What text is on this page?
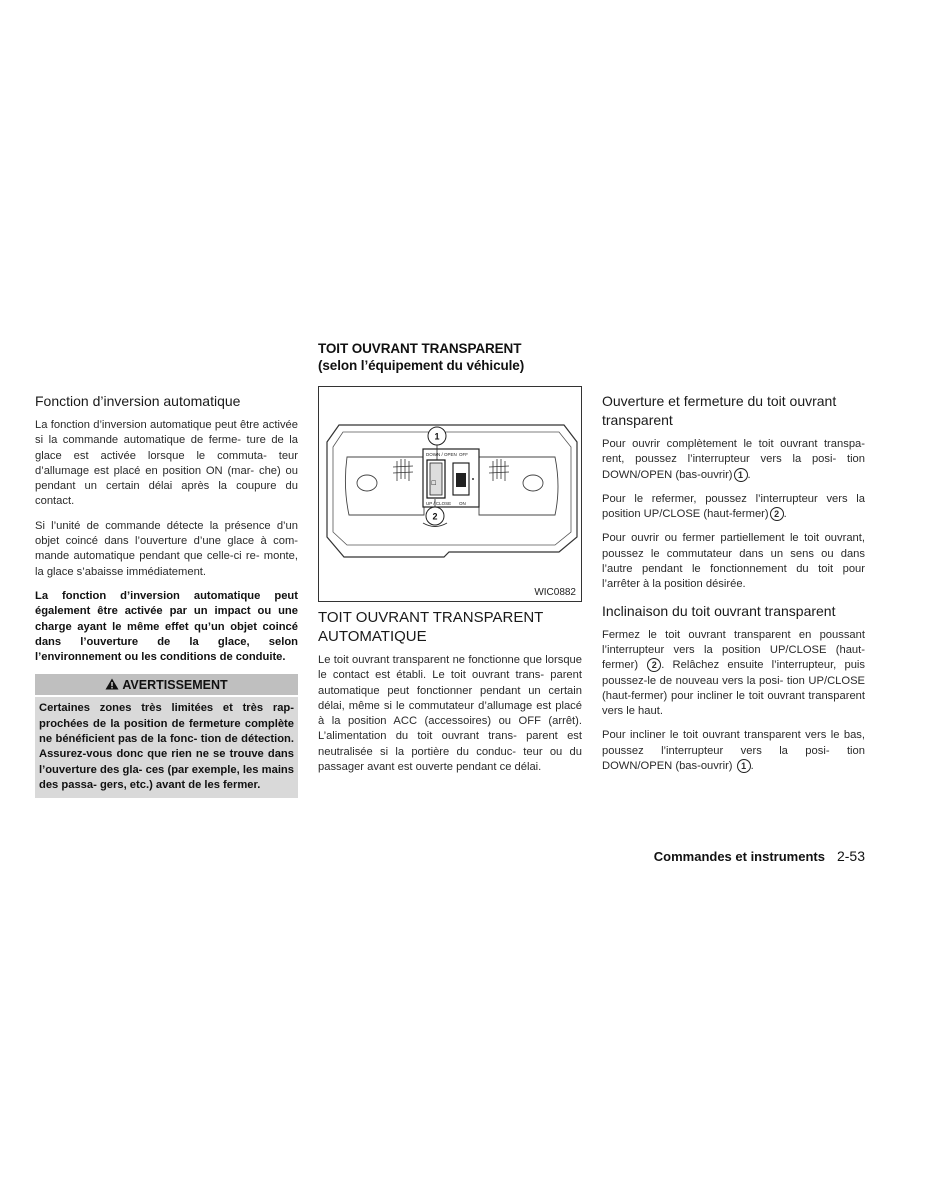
Fonction d’inversion automatique

La fonction d’inversion automatique peut être activée si la commande automatique de ferme- ture de la glace est activée lorsque le commuta- teur d’allumage est placé en position ON (mar- che) ou pendant un certain délai après la coupure du contact.

Si l’unité de commande détecte la présence d’un objet coincé dans l’ouverture d’une glace à com- mande automatique pendant que celle-ci re- monte, la glace s’abaisse immédiatement.

La fonction d’inversion automatique peut également être activée par un impact ou une charge ayant le même effet qu’un objet coincé dans l’ouverture de la glace, selon l’environnement ou les conditions de conduite.

AVERTISSEMENT
Certaines zones très limitées et très rap- prochées de la position de fermeture complète ne bénéficient pas de la fonc- tion de détection. Assurez-vous donc que rien ne se trouve dans l’ouverture des gla- ces (par exemple, les mains des passa- gers, etc.) avant de les fermer.
TOIT OUVRANT TRANSPARENT
(selon l’équipement du véhicule)
DOWN / OPEN OFF
UP / CLOSE ON
☐
1
2
WIC0882
TOIT OUVRANT TRANSPARENT AUTOMATIQUE

Le toit ouvrant transparent ne fonctionne que lorsque le contact est établi. Le toit ouvrant trans- parent automatique peut fonctionner pendant un certain délai, même si le commutateur d’allumage est placé à la position ACC (accessoires) ou OFF (arrêt). L’alimentation du toit ouvrant trans- parent est neutralisée si la portière du conduc- teur ou du passager avant est ouverte pendant ce délai.

Ouverture et fermeture du toit ouvrant transparent

Pour ouvrir complètement le toit ouvrant transpa- rent, poussez l’interrupteur vers la posi- tion DOWN/OPEN (bas-ouvrir) 1 .

Pour le refermer, poussez l’interrupteur vers la position UP/CLOSE (haut-fermer) 2 .

Pour ouvrir ou fermer partiellement le toit ouvrant, poussez le commutateur dans un sens ou dans l’autre pendant le fonctionnement du toit pour l’arrêter à la position désirée.

Inclinaison du toit ouvrant transparent

Fermez le toit ouvrant transparent en poussant l’interrupteur vers la position UP/CLOSE (haut- fermer) 2 . Relâchez ensuite l’interrupteur, puis poussez-le de nouveau vers la posi- tion UP/CLOSE (haut-fermer) pour incliner le toit ouvrant transparent vers le haut.

Pour incliner le toit ouvrant transparent vers le bas, poussez l’interrupteur vers la posi- tion DOWN/OPEN (bas-ouvrir) 1 .

Commandes et instruments 2-53
